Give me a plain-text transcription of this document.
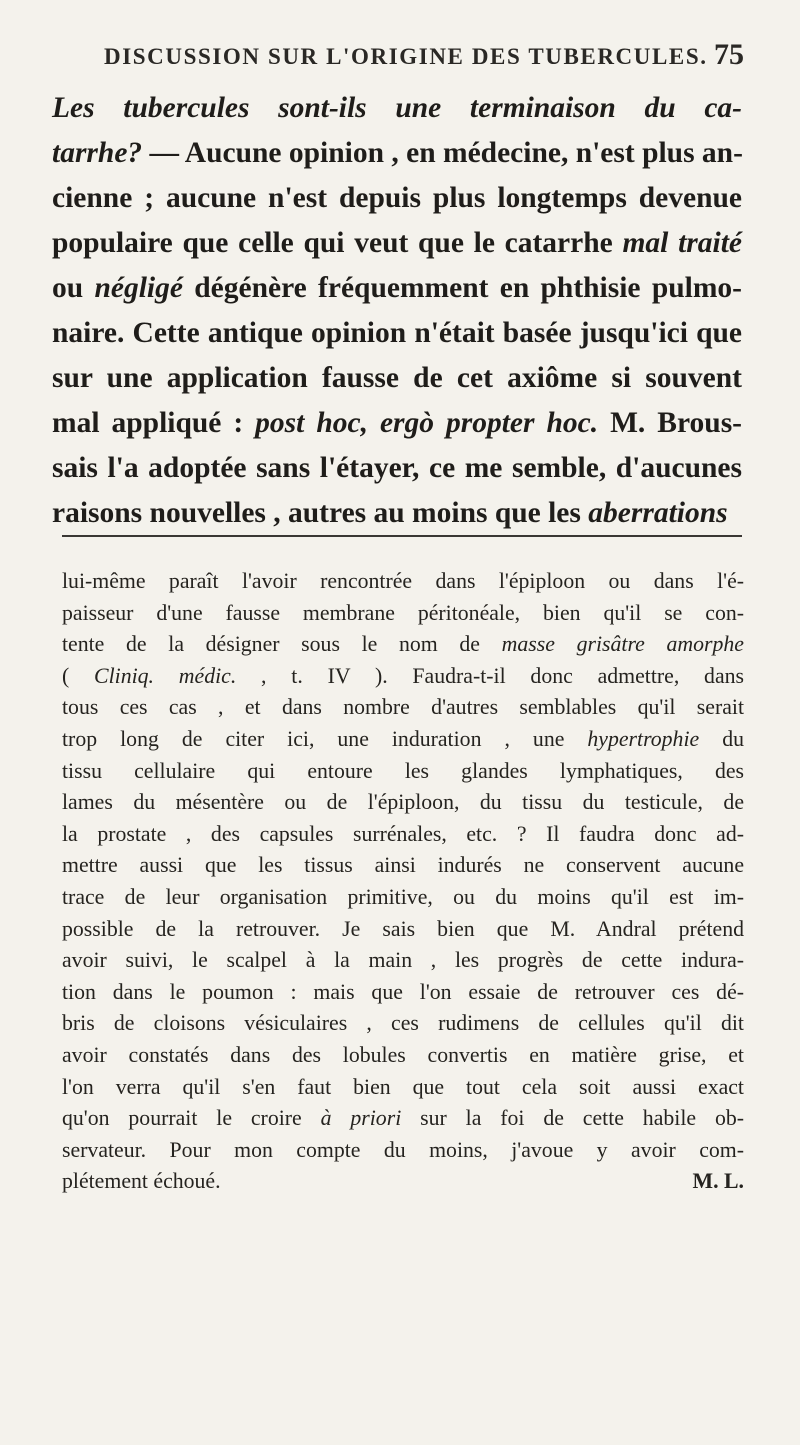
DISCUSSION SUR L'ORIGINE DES TUBERCULES. 75
Les tubercules sont-ils une terminaison du ca-
tarrhe? — Aucune opinion , en médecine, n'est plus an-
cienne ; aucune n'est depuis plus longtemps devenue
populaire que celle qui veut que le catarrhe mal traité
ou négligé dégénère fréquemment en phthisie pulmo-
naire. Cette antique opinion n'était basée jusqu'ici que
sur une application fausse de cet axiôme si souvent
mal appliqué : post hoc, ergò propter hoc. M. Brous-
sais l'a adoptée sans l'étayer, ce me semble, d'aucunes
raisons nouvelles , autres au moins que les aberrations
lui-même paraît l'avoir rencontrée dans l'épiploon ou dans l'é-
paisseur d'une fausse membrane péritonéale, bien qu'il se con-
tente de la désigner sous le nom de masse grisâtre amorphe
( Cliniq. médic. , t. IV ). Faudra-t-il donc admettre, dans
tous ces cas , et dans nombre d'autres semblables qu'il serait
trop long de citer ici, une induration , une hypertrophie du
tissu cellulaire qui entoure les glandes lymphatiques, des
lames du mésentère ou de l'épiploon, du tissu du testicule, de
la prostate , des capsules surrénales, etc. ? Il faudra donc ad-
mettre aussi que les tissus ainsi indurés ne conservent aucune
trace de leur organisation primitive, ou du moins qu'il est im-
possible de la retrouver. Je sais bien que M. Andral prétend
avoir suivi, le scalpel à la main , les progrès de cette indura-
tion dans le poumon : mais que l'on essaie de retrouver ces dé-
bris de cloisons vésiculaires , ces rudimens de cellules qu'il dit
avoir constatés dans des lobules convertis en matière grise, et
l'on verra qu'il s'en faut bien que tout cela soit aussi exact
qu'on pourrait le croire à priori sur la foi de cette habile ob-
servateur. Pour mon compte du moins, j'avoue y avoir com-
plétement échoué.	M. L.
